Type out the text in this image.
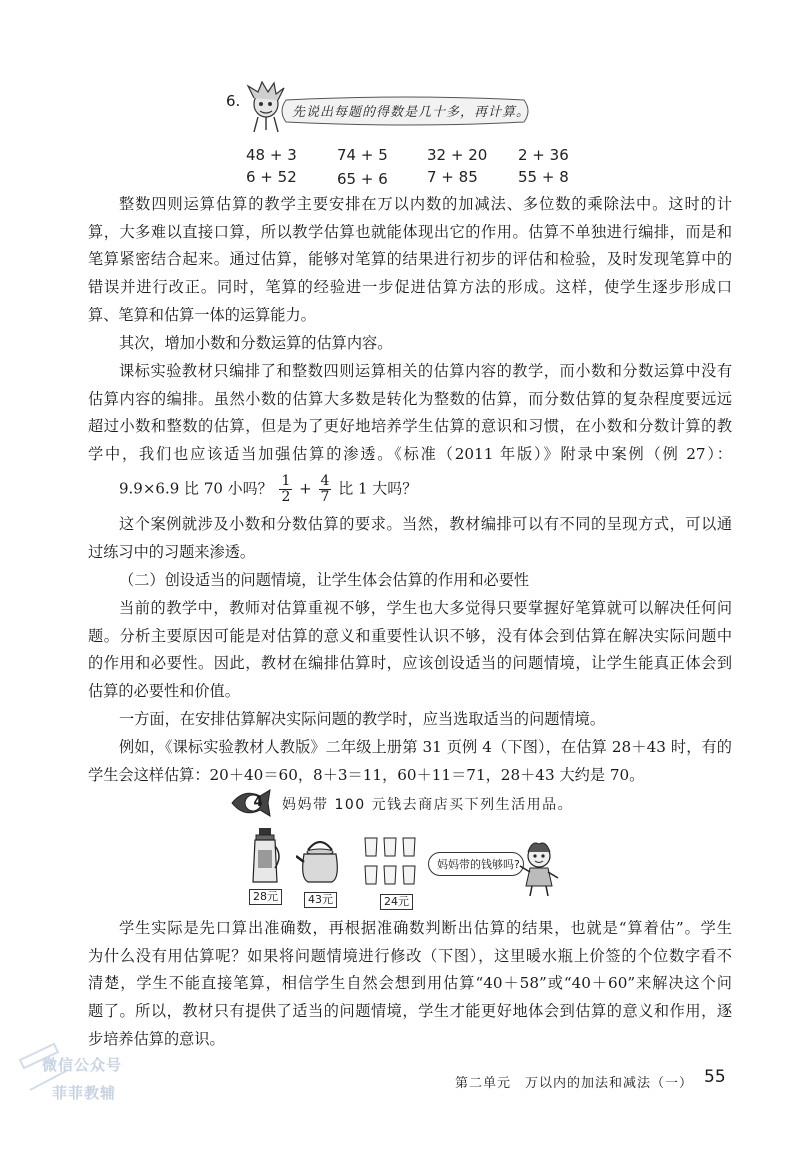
6.
先说出每题的得数是几十多，再计算。
48 + 3	74 + 5	32 + 20 2 + 36
6 + 52	65 + 6	7 + 85	55 + 8
整数四则运算估算的教学主要安排在万以内数的加减法、多位数的乘除法中。这时的计
算，大多难以直接口算，所以教学估算也就能体现出它的作用。估算不单独进行编排，而是和
笔算紧密结合起来。通过估算，能够对笔算的结果进行初步的评估和检验，及时发现笔算中的
错误并进行改正。同时，笔算的经验进一步促进估算方法的形成。这样，使学生逐步形成口
算、笔算和估算一体的运算能力。
其次，增加小数和分数运算的估算内容。
课标实验教材只编排了和整数四则运算相关的估算内容的教学，而小数和分数运算中没有
估算内容的编排。虽然小数的估算大多数是转化为整数的估算，而分数估算的复杂程度要远远
超过小数和整数的估算，但是为了更好地培养学生估算的意识和习惯，在小数和分数计算的教
学中，我们也应该适当加强估算的渗透。《标准（2011 年版）》附录中案例（例 27）：
9.9×6.9 比 70 小吗？ $\frac{1}{2} + \frac{4}{7}$ 比 1 大吗？
这个案例就涉及小数和分数估算的要求。当然，教材编排可以有不同的呈现方式，可以通
过练习中的习题来渗透。
（二）创设适当的问题情境，让学生体会估算的作用和必要性
当前的教学中，教师对估算重视不够，学生也大多觉得只要掌握好笔算就可以解决任何问
题。分析主要原因可能是对估算的意义和重要性认识不够，没有体会到估算在解决实际问题中
的作用和必要性。因此，教材在编排估算时，应该创设适当的问题情境，让学生能真正体会到
估算的必要性和价值。
一方面，在安排估算解决实际问题的教学时，应当选取适当的问题情境。
例如，《课标实验教材人教版》二年级上册第 31 页例 4（下图），在估算 28＋43 时，有的
学生会这样估算：20＋40＝60，8＋3＝11，60＋11＝71，28＋43 大约是 70。
4 妈妈带 100 元钱去商店买下列生活用品。
28元	43元	24元
妈妈带的钱够吗?
学生实际是先口算出准确数，再根据准确数判断出估算的结果，也就是“算着估”。学生
为什么没有用估算呢？如果将问题情境进行修改（下图），这里暖水瓶上价签的个位数字看不
清楚，学生不能直接笔算，相信学生自然会想到用估算“40＋58”或“40＋60”来解决这个问
题了。所以，教材只有提供了适当的问题情境，学生才能更好地体会到估算的意义和作用，逐
步培养估算的意识。
微信公众号
菲菲教辅
第二单元　万以内的加法和减法（一） 55
